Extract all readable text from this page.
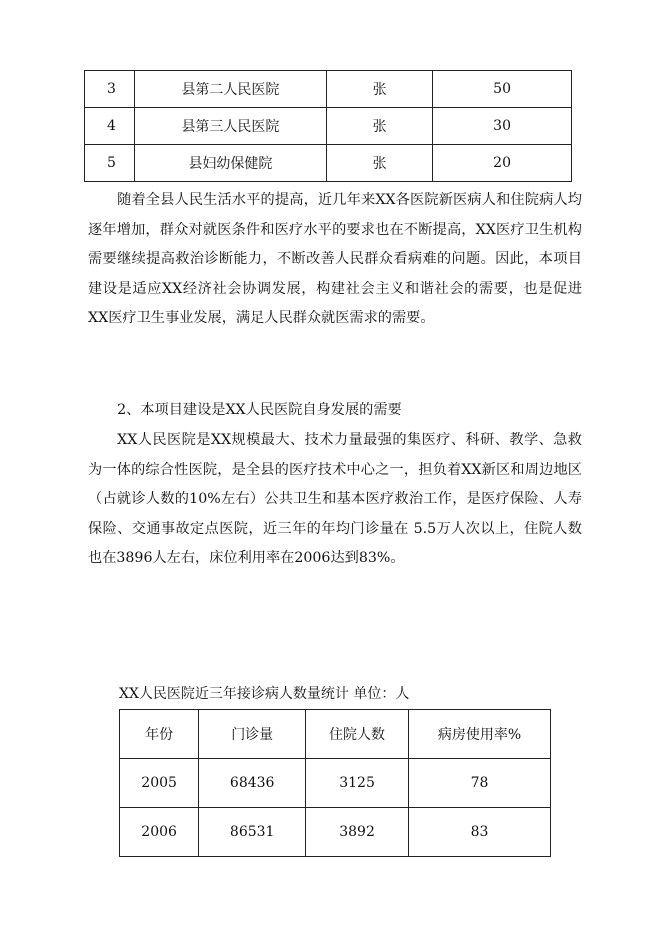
3	县第二人民医院	张	50
4	县第三人民医院	张	30
5	县妇幼保健院	张	20

随着全县人民生活水平的提高，近几年来XX各医院新医病人和住院病人均逐年增加，群众对就医条件和医疗水平的要求也在不断提高，XX医疗卫生机构需要继续提高救治诊断能力，不断改善人民群众看病难的问题。因此，本项目建设是适应XX经济社会协调发展，构建社会主义和谐社会的需要，也是促进XX医疗卫生事业发展，满足人民群众就医需求的需要。

2、本项目建设是XX人民医院自身发展的需要

XX人民医院是XX规模最大、技术力量最强的集医疗、科研、教学、急救为一体的综合性医院，是全县的医疗技术中心之一，担负着XX新区和周边地区（占就诊人数的10%左右）公共卫生和基本医疗救治工作，是医疗保险、人寿保险、交通事故定点医院，近三年的年均门诊量在 5.5万人次以上，住院人数也在3896人左右，床位利用率在2006达到83%。

XX人民医院近三年接诊病人数量统计 单位：人

年份	门诊量	住院人数	病房使用率%
2005	68436	3125	78
2006	86531	3892	83
